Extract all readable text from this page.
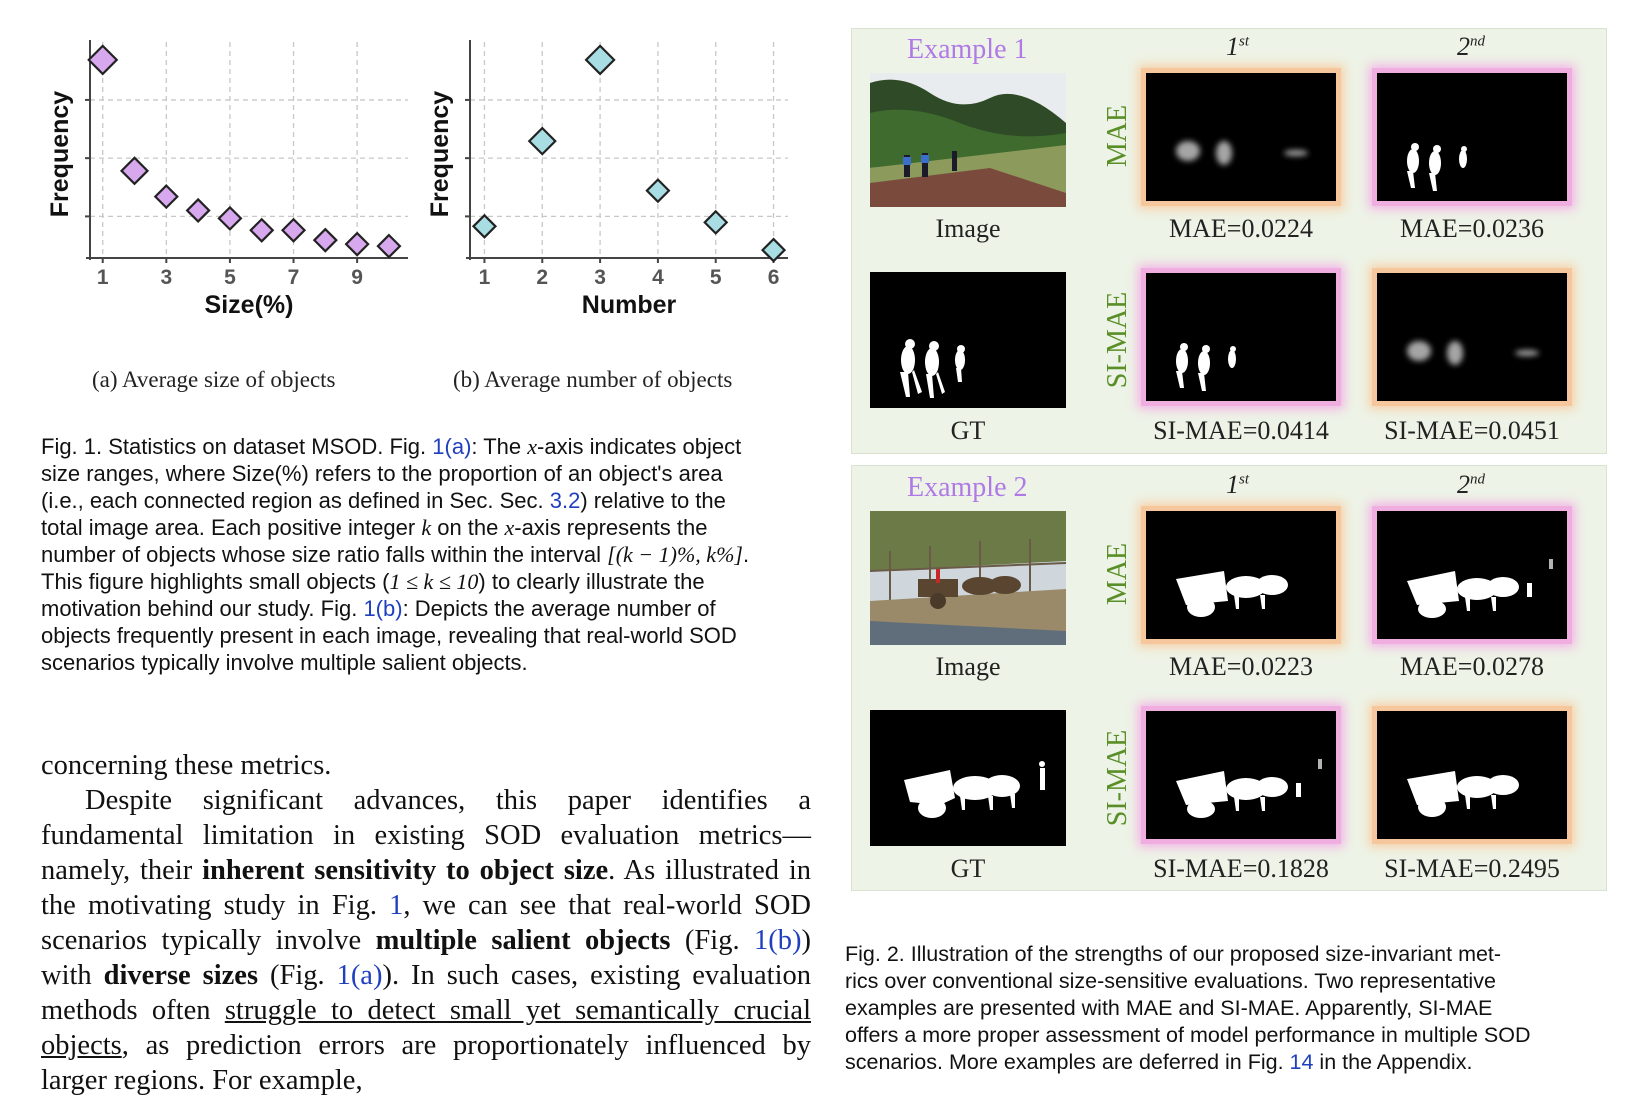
1 3 5 7 9
Size(%)
Frequency
1 2 3 4 5 6
Number
Frequency
(a) Average size of objects	(b) Average number of objects
Fig. 1. Statistics on dataset MSOD. Fig. 1(a): The x-axis indicates object
size ranges, where Size(%) refers to the proportion of an object's area
(i.e., each connected region as defined in Sec. Sec. 3.2) relative to the
total image area. Each positive integer k on the x-axis represents the
number of objects whose size ratio falls within the interval [(k − 1)%, k%].
This figure highlights small objects (1 ≤ k ≤ 10) to clearly illustrate the
motivation behind our study. Fig. 1(b): Depicts the average number of
objects frequently present in each image, revealing that real-world SOD
scenarios typically involve multiple salient objects.

concerning these metrics.

Despite significant advances, this paper identifies a fundamental limitation in existing SOD evaluation metrics—namely, their inherent sensitivity to object size. As illustrated in the motivating study in Fig. 1, we can see that real-world SOD scenarios typically involve multiple salient objects (Fig. 1(b)) with diverse sizes (Fig. 1(a)). In such cases, existing evaluation methods often struggle to detect small yet semantically crucial objects, as prediction errors are proportionately influenced by larger regions. For example,

Example 1	1st	2nd
Image
GT
MAE
SI-MAE
MAE=0.0224	MAE=0.0236
SI-MAE=0.0414	SI-MAE=0.0451
Example 2	1st	2nd
Image
GT
MAE
SI-MAE
MAE=0.0223	MAE=0.0278
SI-MAE=0.1828	SI-MAE=0.2495
Fig. 2. Illustration of the strengths of our proposed size-invariant met-
rics over conventional size-sensitive evaluations. Two representative
examples are presented with MAE and SI-MAE. Apparently, SI-MAE
offers a more proper assessment of model performance in multiple SOD
scenarios. More examples are deferred in Fig. 14 in the Appendix.
